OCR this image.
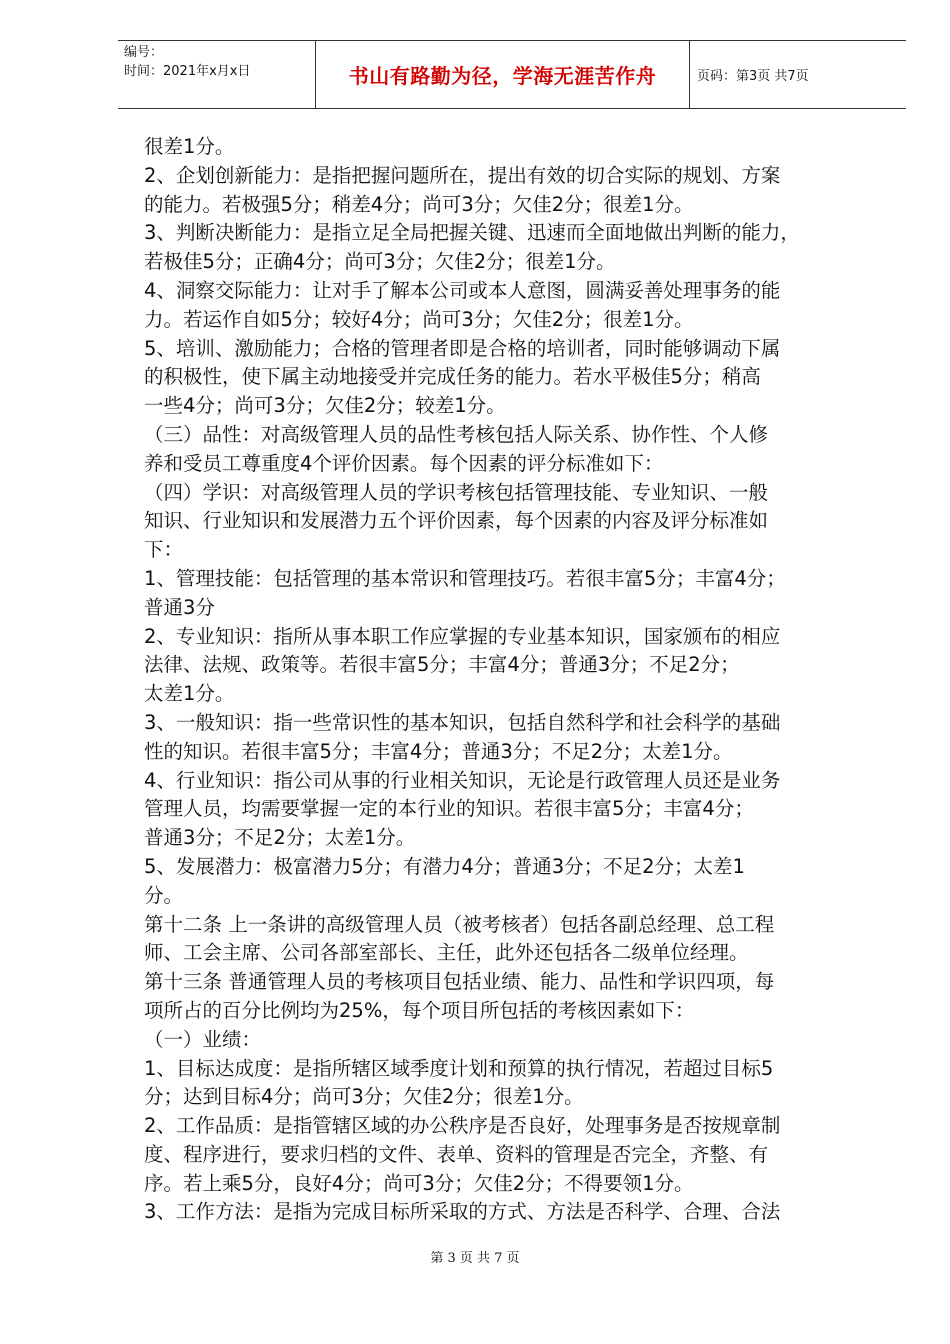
编号：
时间：2021年x月x日	书山有路勤为径，学海无涯苦作舟	页码：第3页 共7页

很差1分。

2、企划创新能力：是指把握问题所在，提出有效的切合实际的规划、方案

的能力。若极强5分；稍差4分；尚可3分；欠佳2分；很差1分。

3、判断决断能力：是指立足全局把握关键、迅速而全面地做出判断的能力，

若极佳5分；正确4分；尚可3分；欠佳2分；很差1分。

4、洞察交际能力：让对手了解本公司或本人意图，圆满妥善处理事务的能

力。若运作自如5分；较好4分；尚可3分；欠佳2分；很差1分。

5、培训、激励能力；合格的管理者即是合格的培训者，同时能够调动下属

的积极性，使下属主动地接受并完成任务的能力。若水平极佳5分；稍高

一些4分；尚可3分；欠佳2分；较差1分。

（三）品性：对高级管理人员的品性考核包括人际关系、协作性、个人修

养和受员工尊重度4个评价因素。每个因素的评分标准如下：

（四）学识：对高级管理人员的学识考核包括管理技能、专业知识、一般

知识、行业知识和发展潜力五个评价因素，每个因素的内容及评分标准如

下：

1、管理技能：包括管理的基本常识和管理技巧。若很丰富5分；丰富4分；

普通3分

2、专业知识：指所从事本职工作应掌握的专业基本知识，国家颁布的相应

法律、法规、政策等。若很丰富5分；丰富4分；普通3分；不足2分；

太差1分。

3、一般知识：指一些常识性的基本知识，包括自然科学和社会科学的基础

性的知识。若很丰富5分；丰富4分；普通3分；不足2分；太差1分。

4、行业知识：指公司从事的行业相关知识，无论是行政管理人员还是业务

管理人员，均需要掌握一定的本行业的知识。若很丰富5分；丰富4分；

普通3分；不足2分；太差1分。

5、发展潜力：极富潜力5分；有潜力4分；普通3分；不足2分；太差1

分。

第十二条 上一条讲的高级管理人员（被考核者）包括各副总经理、总工程

师、工会主席、公司各部室部长、主任，此外还包括各二级单位经理。

第十三条 普通管理人员的考核项目包括业绩、能力、品性和学识四项，每

项所占的百分比例均为25%，每个项目所包括的考核因素如下：

（一）业绩：

1、目标达成度：是指所辖区域季度计划和预算的执行情况，若超过目标5

分；达到目标4分；尚可3分；欠佳2分；很差1分。

2、工作品质：是指管辖区域的办公秩序是否良好，处理事务是否按规章制

度、程序进行，要求归档的文件、表单、资料的管理是否完全，齐整、有

序。若上乘5分，良好4分；尚可3分；欠佳2分；不得要领1分。

3、工作方法：是指为完成目标所采取的方式、方法是否科学、合理、合法

第 3 页 共 7 页
